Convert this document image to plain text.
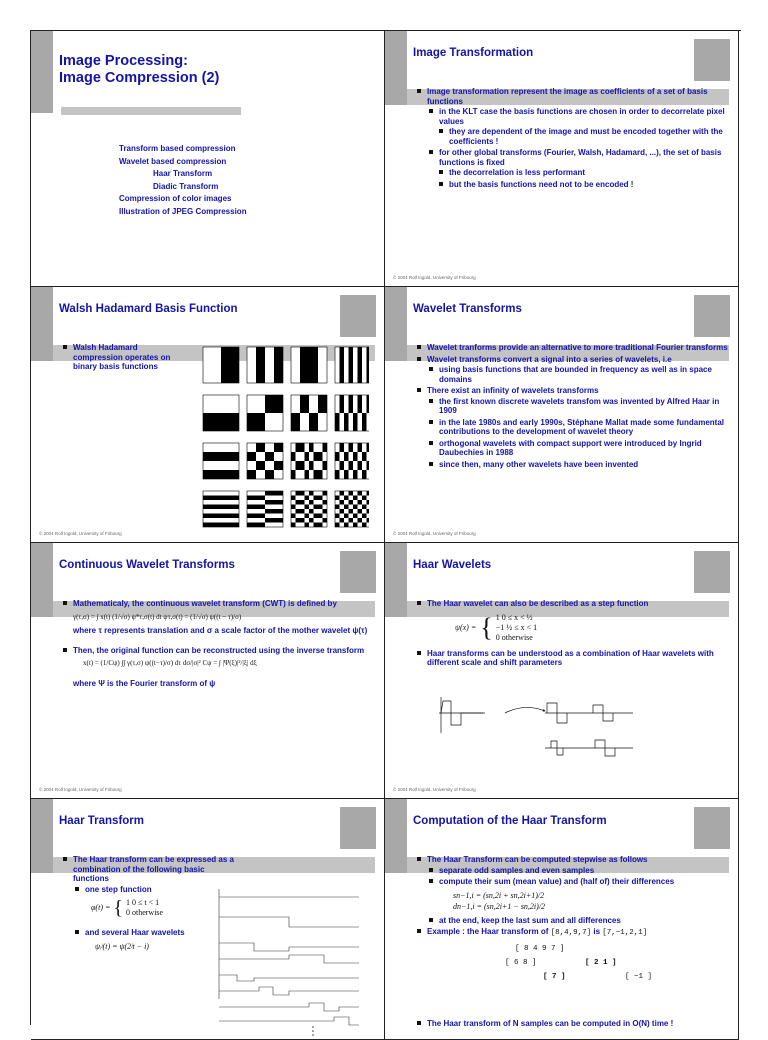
Image Processing:
Image Compression (2)
Transform based compression
Wavelet based compression
Haar Transform
Diadic Transform
Compression of color images
Illustration of JPEG Compression
Image Transformation
Image transformation represent the image as coefficients of a set of basis functions
in the KLT case the basis functions are chosen in order to decorrelate pixel values
they are dependent of the image and must be encoded together with the coefficients !
for other global transforms (Fourier, Walsh, Hadamard, ...), the set of basis functions is fixed
the decorrelation is less performant
but the basis functions need not to be encoded !
© 2004 Rolf Ingold, University of Fribourg
Walsh Hadamard Basis Function
Walsh Hadamard compression operates on binary basis functions
© 2004 Rolf Ingold, University of Fribourg
Wavelet Transforms
Wavelet tranforms provide an alternative to more traditional Fourier transforms
Wavelet transforms convert a signal into a series of wavelets, i.e
using basis functions that are bounded in frequency as well as in space domains
There exist an infinity of wavelets transforms
the first known discrete wavelets transfom was invented by Alfred Haar in 1909
in the late 1980s and early 1990s, Stéphane Mallat made some fundamental contributions to the development of wavelet theory
orthogonal wavelets with compact support were introduced by Ingrid Daubechies in 1988
since then, many other wavelets have been invented
© 2004 Rolf Ingold, University of Fribourg
Continuous Wavelet Transforms
Mathematicaly, the continuous wavelet transform (CWT) is defined by
γ(τ,σ) = ∫ x(t) (1/√σ) ψ*τ,σ(t) dt ψτ,σ(t) = (1/√σ) ψ((t − τ)/σ)
where τ represents translation and σ a scale factor of the mother wavelet ψ(τ)
Then, the original function can be reconstructed using the inverse transform
x(t) = (1/Cψ) ∫∫ γ(τ,σ) ψ((t−τ)/σ) dτ dσ/|σ|² Cψ = ∫ |Ψ(ξ)|²/|ξ| dξ
where Ψ is the Fourier transform of ψ
© 2004 Rolf Ingold, University of Fribourg
Haar Wavelets
The Haar wavelet can also be described as a step function
ψ(x) = { 1 0 ≤ x < ½
−1 ½ ≤ x < 1
0 otherwise
Haar transforms can be understood as a combination of Haar wavelets with different scale and shift parameters
© 2004 Rolf Ingold, University of Fribourg
Haar Transform
The Haar transform can be expressed as a combination of the following basic functions
one step function
φ(t) = { 1 0 ≤ t < 1
0 otherwise
and several Haar wavelets
ψᵢʲ(t) = ψ(2ʲt − i)
Computation of the Haar Transform
The Haar Transform can be computed stepwise as follows
separate odd samples and even samples
compute their sum (mean value) and (half of) their differences
sn−1,i = (sn,2i + sn,2i+1)/2
dn−1,i = (sn,2i+1 − sn,2i)/2
at the end, keep the last sum and all differences
Example : the Haar transform of [8,4,9,7] is [7,−1,2,1]
[ 8 4 9 7 ]
[ 6 8 ]	[ 2 1 ]
[ 7 ]	[ −1 ]
The Haar transform of N samples can be computed in O(N) time !
